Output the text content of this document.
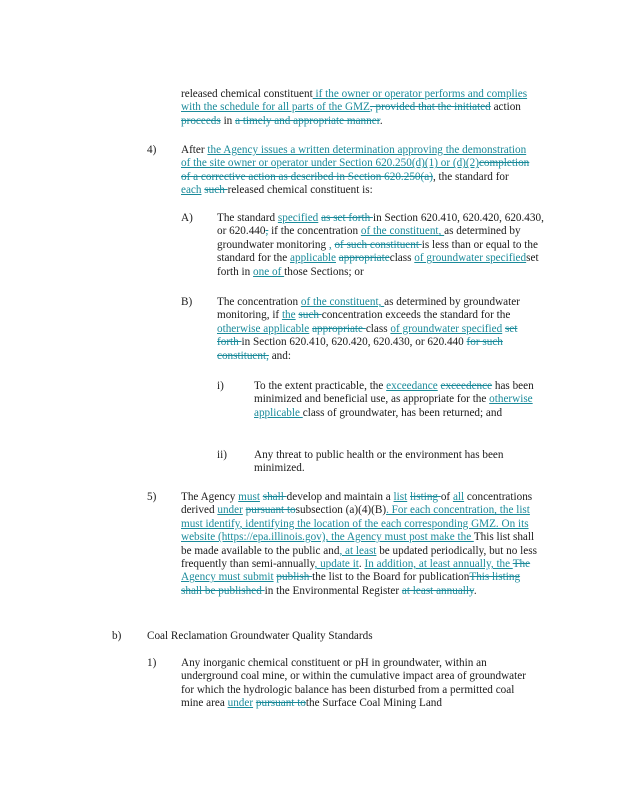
released chemical constituent if the owner or operator performs and complies with the schedule for all parts of the GMZ, provided that the initiated action proceeds in a timely and appropriate manner.

4) After the Agency issues a written determination approving the demonstration of the site owner or operator under Section 620.250(d)(1) or (d)(2)completion of a corrective action as described in Section 620.250(a), the standard for each such released chemical constituent is:

A) The standard specified as set forth in Section 620.410, 620.420, 620.430, or 620.440, if the concentration of the constituent, as determined by groundwater monitoring , of such constituent is less than or equal to the standard for the applicable appropriateclass of groundwater specifiedset forth in one of those Sections; or

B) The concentration of the constituent, as determined by groundwater monitoring, if the such concentration exceeds the standard for the otherwise applicable appropriate class of groundwater specified set forth in Section 620.410, 620.420, 620.430, or 620.440 for such constituent, and:

i)	To the extent practicable, the exceedance exceedence has been minimized and beneficial use, as appropriate for the otherwise applicable class of groundwater, has been returned; and

ii) Any threat to public health or the environment has been minimized.

5) The Agency must shall develop and maintain a list listing of all concentrations derived under pursuant tosubsection (a)(4)(B). For each concentration, the list must identify, identifying the location of the each corresponding GMZ. On its website (https://epa.illinois.gov), the Agency must post make the This list shall be made available to the public and, at least be updated periodically, but no less frequently than semi-annually, update it. In addition, at least annually, the The Agency must submit publish the list to the Board for publicationThis listing shall be published in the Environmental Register at least annually.

b) Coal Reclamation Groundwater Quality Standards

1) Any inorganic chemical constituent or pH in groundwater, within an underground coal mine, or within the cumulative impact area of groundwater for which the hydrologic balance has been disturbed from a permitted coal mine area under pursuant tothe Surface Coal Mining Land
